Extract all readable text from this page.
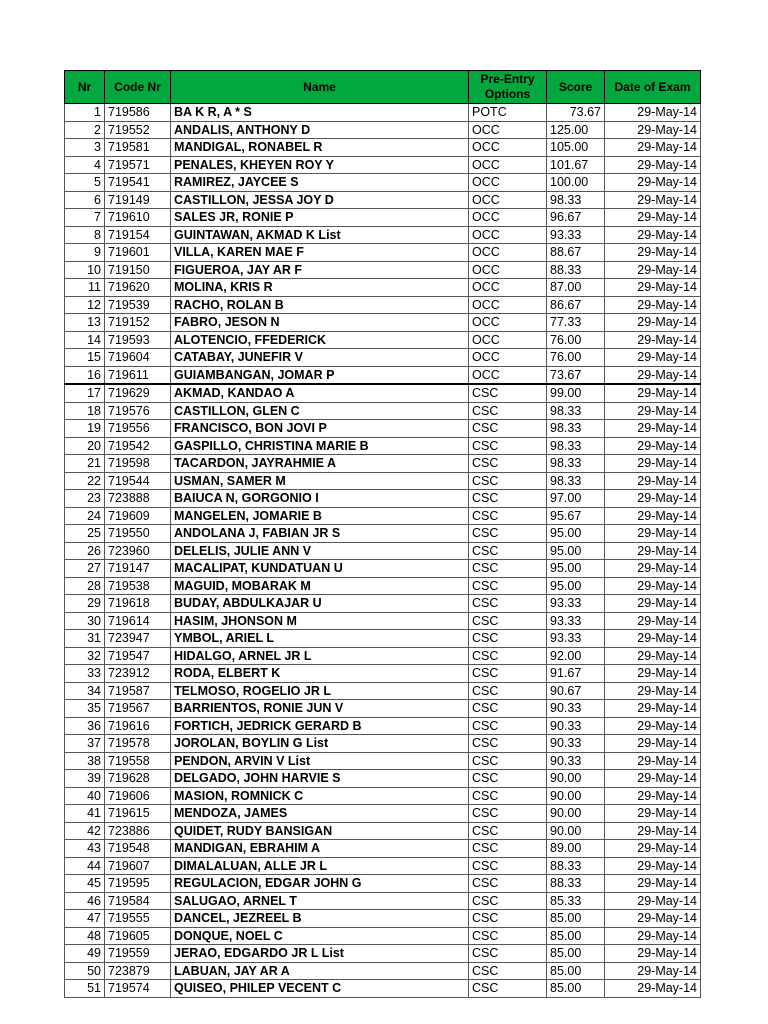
Nr	Code Nr	Name	Pre-Entry Options	Score	Date of Exam
1	719586	BA K R, A * S	POTC	73.67	29-May-14
2	719552	ANDALIS, ANTHONY D	OCC	125.00	29-May-14
3	719581	MANDIGAL, RONABEL R	OCC	105.00	29-May-14
4	719571	PENALES, KHEYEN ROY Y	OCC	101.67	29-May-14
5	719541	RAMIREZ, JAYCEE S	OCC	100.00	29-May-14
6	719149	CASTILLON, JESSA JOY D	OCC	98.33	29-May-14
7	719610	SALES JR, RONIE P	OCC	96.67	29-May-14
8	719154	GUINTAWAN, AKMAD K List	OCC	93.33	29-May-14
9	719601	VILLA, KAREN MAE F	OCC	88.67	29-May-14
10	719150	FIGUEROA, JAY AR F	OCC	88.33	29-May-14
11	719620	MOLINA, KRIS R	OCC	87.00	29-May-14
12	719539	RACHO, ROLAN B	OCC	86.67	29-May-14
13	719152	FABRO, JESON N	OCC	77.33	29-May-14
14	719593	ALOTENCIO, FFEDERICK	OCC	76.00	29-May-14
15	719604	CATABAY, JUNEFIR V	OCC	76.00	29-May-14
16	719611	GUIAMBANGAN, JOMAR P	OCC	73.67	29-May-14
17	719629	AKMAD, KANDAO A	CSC	99.00	29-May-14
18	719576	CASTILLON, GLEN C	CSC	98.33	29-May-14
19	719556	FRANCISCO, BON JOVI P	CSC	98.33	29-May-14
20	719542	GASPILLO, CHRISTINA MARIE B	CSC	98.33	29-May-14
21	719598	TACARDON, JAYRAHMIE A	CSC	98.33	29-May-14
22	719544	USMAN, SAMER M	CSC	98.33	29-May-14
23	723888	BAIUCA N, GORGONIO I	CSC	97.00	29-May-14
24	719609	MANGELEN, JOMARIE B	CSC	95.67	29-May-14
25	719550	ANDOLANA J, FABIAN JR S	CSC	95.00	29-May-14
26	723960	DELELIS, JULIE ANN V	CSC	95.00	29-May-14
27	719147	MACALIPAT, KUNDATUAN U	CSC	95.00	29-May-14
28	719538	MAGUID, MOBARAK M	CSC	95.00	29-May-14
29	719618	BUDAY, ABDULKAJAR U	CSC	93.33	29-May-14
30	719614	HASIM, JHONSON M	CSC	93.33	29-May-14
31	723947	YMBOL, ARIEL L	CSC	93.33	29-May-14
32	719547	HIDALGO, ARNEL JR L	CSC	92.00	29-May-14
33	723912	RODA, ELBERT K	CSC	91.67	29-May-14
34	719587	TELMOSO, ROGELIO JR L	CSC	90.67	29-May-14
35	719567	BARRIENTOS, RONIE JUN V	CSC	90.33	29-May-14
36	719616	FORTICH, JEDRICK GERARD B	CSC	90.33	29-May-14
37	719578	JOROLAN, BOYLIN G List	CSC	90.33	29-May-14
38	719558	PENDON, ARVIN V List	CSC	90.33	29-May-14
39	719628	DELGADO, JOHN HARVIE S	CSC	90.00	29-May-14
40	719606	MASION, ROMNICK C	CSC	90.00	29-May-14
41	719615	MENDOZA, JAMES	CSC	90.00	29-May-14
42	723886	QUIDET, RUDY BANSIGAN	CSC	90.00	29-May-14
43	719548	MANDIGAN, EBRAHIM A	CSC	89.00	29-May-14
44	719607	DIMALALUAN, ALLE JR L	CSC	88.33	29-May-14
45	719595	REGULACION, EDGAR JOHN G	CSC	88.33	29-May-14
46	719584	SALUGAO, ARNEL T	CSC	85.33	29-May-14
47	719555	DANCEL, JEZREEL B	CSC	85.00	29-May-14
48	719605	DONQUE, NOEL C	CSC	85.00	29-May-14
49	719559	JERAO, EDGARDO JR L List	CSC	85.00	29-May-14
50	723879	LABUAN, JAY AR A	CSC	85.00	29-May-14
51	719574	QUISEO, PHILEP VECENT C	CSC	85.00	29-May-14
